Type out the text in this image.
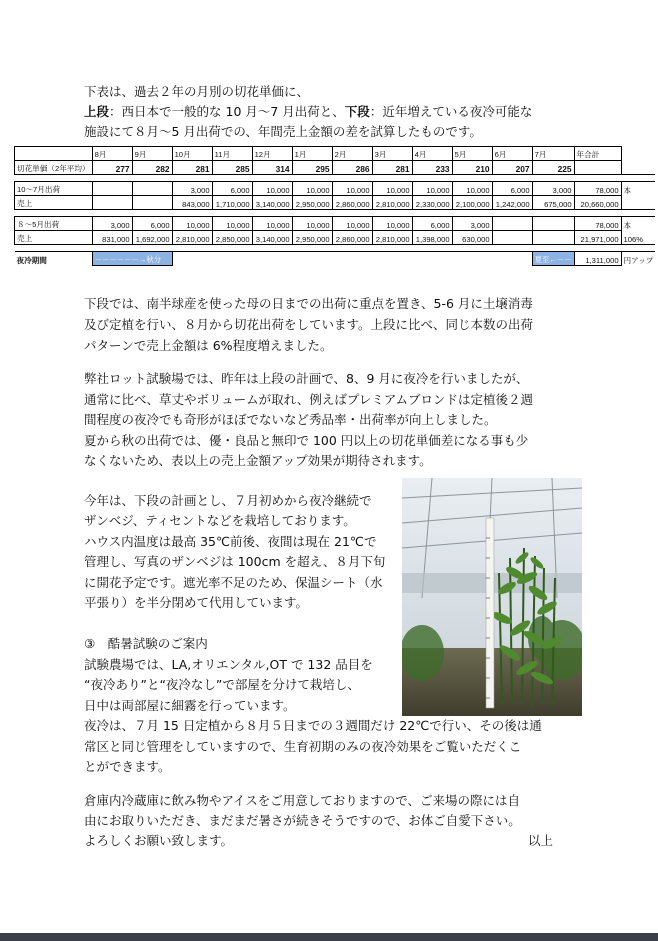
下表は、過去２年の月別の切花単価に、

上段：西日本で一般的な 10 月～7 月出荷と、下段：近年増えている夜冷可能な

施設にて８月～5 月出荷での、年間売上金額の差を試算したものです。

	8月	9月	10月	11月	12月	1月	2月	3月	4月	5月	6月	7月	年合計	
切花単価（2年平均）	277	282	281	285	314	295	286	281	233	210	207	225		

10～7月出荷			3,000	6,000	10,000	10,000	10,000	10,000	10,000	10,000	6,000	3,000	78,000	本
売上			843,000	1,710,000	3,140,000	2,950,000	2,860,000	2,810,000	2,330,000	2,100,000	1,242,000	675,000	20,660,000	

８～5月出荷	3,000	6,000	10,000	10,000	10,000	10,000	10,000	10,000	6,000	3,000			78,000	本
売上	831,000	1,692,000	2,810,000	2,850,000	3,140,000	2,950,000	2,860,000	2,810,000	1,398,000	630,000			21,971,000	106%

夜冷期間	－－－－－－→秋分											夏至←－－	1,311,000	円アップ

下段では、南半球産を使った母の日までの出荷に重点を置き、5-6 月に土壌消毒

及び定植を行い、８月から切花出荷をしています。上段に比べ、同じ本数の出荷

パターンで売上金額は 6%程度増えました。

弊社ロット試験場では、昨年は上段の計画で、8、9 月に夜冷を行いましたが、

通常に比べ、草丈やボリュームが取れ、例えばプレミアムブロンドは定植後２週

間程度の夜冷でも奇形がほぼでないなど秀品率・出荷率が向上しました。

夏から秋の出荷では、優・良品と無印で 100 円以上の切花単価差になる事も少

なくないため、表以上の売上金額アップ効果が期待されます。

今年は、下段の計画とし、７月初めから夜冷継続で

ザンベジ、ティセントなどを栽培しております。

ハウス内温度は最高 35℃前後、夜間は現在 21℃で

管理し、写真のザンベジは 100cm を超え、８月下旬

に開花予定です。遮光率不足のため、保温シート（水

平張り）を半分閉めて代用しています。

③　酷暑試験のご案内

試験農場では、LA,オリエンタル,OT で 132 品目を

“夜冷あり”と“夜冷なし”で部屋を分けて栽培し、

日中は両部屋に細霧を行っています。

夜冷は、７月 15 日定植から８月５日までの３週間だけ 22℃で行い、その後は通

常区と同じ管理をしていますので、生育初期のみの夜冷効果をご覧いただくこ

とができます。

倉庫内冷蔵庫に飲み物やアイスをご用意しておりますので、ご来場の際には自

由にお取りいただき、まだまだ暑さが続きそうですので、お体ご自愛下さい。

よろしくお願い致します。	以上
